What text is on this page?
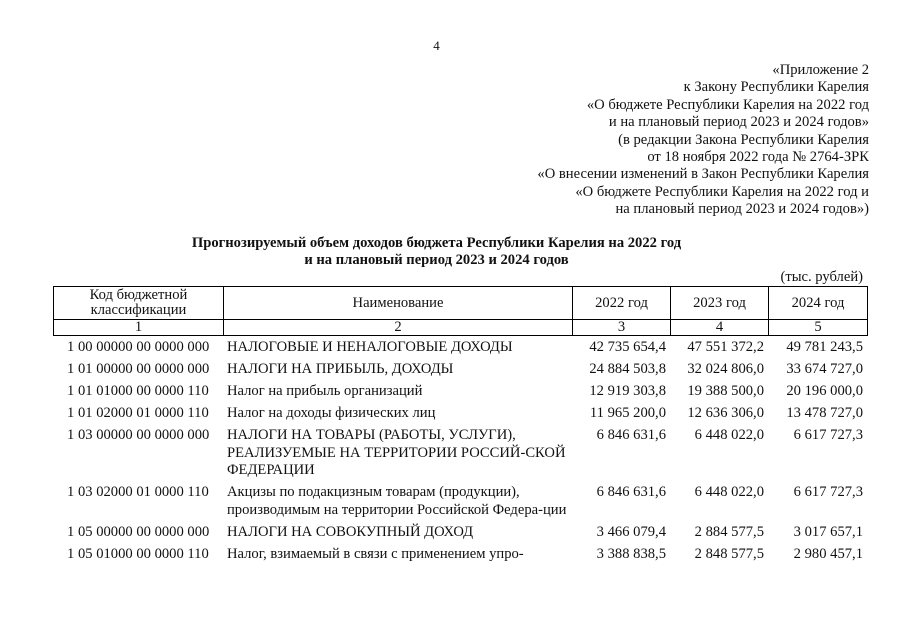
4
«Приложение 2
к Закону Республики Карелия
«О бюджете Республики Карелия на 2022 год
и на плановый период 2023 и 2024 годов»
(в редакции Закона Республики Карелия
от 18 ноября 2022 года № 2764-ЗРК
«О внесении изменений в Закон Республики Карелия
«О бюджете Республики Карелия на 2022 год и
на плановый период 2023 и 2024 годов»)
Прогнозируемый объем доходов бюджета Республики Карелия на 2022 год
и на плановый период 2023 и 2024 годов
(тыс. рублей)
Код бюджетной классификации	Наименование	2022 год	2023 год	2024 год
1	2	3	4	5
1 00 00000 00 0000 000	НАЛОГОВЫЕ И НЕНАЛОГОВЫЕ ДОХОДЫ	42 735 654,4	47 551 372,2	49 781 243,5
1 01 00000 00 0000 000	НАЛОГИ НА ПРИБЫЛЬ, ДОХОДЫ	24 884 503,8	32 024 806,0	33 674 727,0
1 01 01000 00 0000 110	Налог на прибыль организаций	12 919 303,8	19 388 500,0	20 196 000,0
1 01 02000 01 0000 110	Налог на доходы физических лиц	11 965 200,0	12 636 306,0	13 478 727,0
1 03 00000 00 0000 000	НАЛОГИ НА ТОВАРЫ (РАБОТЫ, УСЛУГИ), РЕАЛИЗУЕМЫЕ НА ТЕРРИТОРИИ РОССИЙ-СКОЙ ФЕДЕРАЦИИ	6 846 631,6	6 448 022,0	6 617 727,3
1 03 02000 01 0000 110	Акцизы по подакцизным товарам (продукции), производимым на территории Российской Федера-ции	6 846 631,6	6 448 022,0	6 617 727,3
1 05 00000 00 0000 000	НАЛОГИ НА СОВОКУПНЫЙ ДОХОД	3 466 079,4	2 884 577,5	3 017 657,1
1 05 01000 00 0000 110	Налог, взимаемый в связи с применением упро-	3 388 838,5	2 848 577,5	2 980 457,1
